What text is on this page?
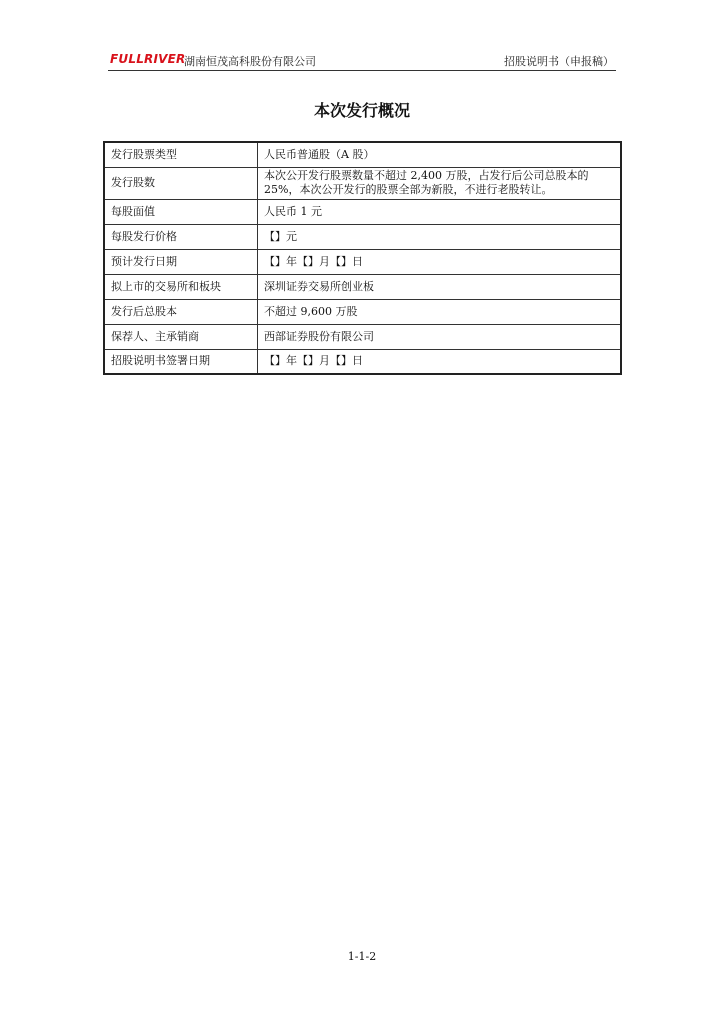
FULLRIVER
湖南恒茂高科股份有限公司	招股说明书（申报稿）
本次发行概况
发行股票类型	人民币普通股（A 股）
发行股数	本次公开发行股票数量不超过 2,400 万股，占发行后公司总股本的 25%，本次公开发行的股票全部为新股，不进行老股转让。
每股面值	人民币 1 元
每股发行价格	【】元
预计发行日期	【】年【】月【】日
拟上市的交易所和板块	深圳证券交易所创业板
发行后总股本	不超过 9,600 万股
保荐人、主承销商	西部证券股份有限公司
招股说明书签署日期	【】年【】月【】日
1-1-2
